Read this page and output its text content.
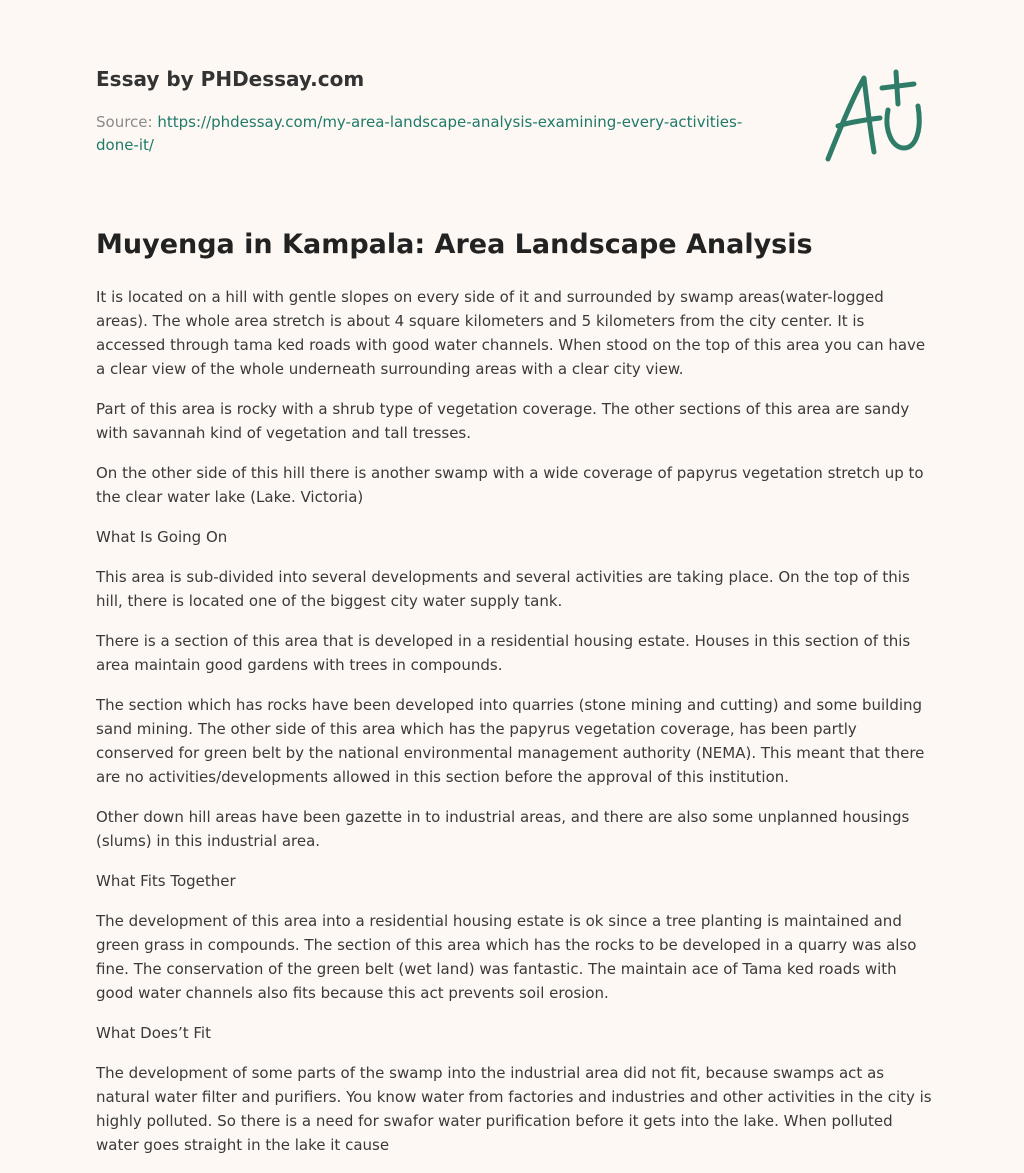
Essay by PHDessay.com

Source: https://phdessay.com/my-area-landscape-analysis-examining-every-activities-done-it/

Muyenga in Kampala: Area Landscape Analysis

It is located on a hill with gentle slopes on every side of it and surrounded by swamp areas(water-logged areas). The whole area stretch is about 4 square kilometers and 5 kilometers from the city center. It is accessed through tama ked roads with good water channels. When stood on the top of this area you can have a clear view of the whole underneath surrounding areas with a clear city view.

Part of this area is rocky with a shrub type of vegetation coverage. The other sections of this area are sandy with savannah kind of vegetation and tall tresses.

On the other side of this hill there is another swamp with a wide coverage of papyrus vegetation stretch up to the clear water lake (Lake. Victoria)

What Is Going On

This area is sub-divided into several developments and several activities are taking place. On the top of this hill, there is located one of the biggest city water supply tank.

There is a section of this area that is developed in a residential housing estate. Houses in this section of this area maintain good gardens with trees in compounds.

The section which has rocks have been developed into quarries (stone mining and cutting) and some building sand mining. The other side of this area which has the papyrus vegetation coverage, has been partly conserved for green belt by the national environmental management authority (NEMA). This meant that there are no activities/developments allowed in this section before the approval of this institution.

Other down hill areas have been gazette in to industrial areas, and there are also some unplanned housings (slums) in this industrial area.

What Fits Together

The development of this area into a residential housing estate is ok since a tree planting is maintained and green grass in compounds. The section of this area which has the rocks to be developed in a quarry was also fine. The conservation of the green belt (wet land) was fantastic. The maintain ace of Tama ked roads with good water channels also fits because this act prevents soil erosion.

What Does’t Fit

The development of some parts of the swamp into the industrial area did not fit, because swamps act as natural water filter and purifiers. You know water from factories and industries and other activities in the city is highly polluted. So there is a need for swafor water purification before it gets into the lake. When polluted water goes straight in the lake it cause
